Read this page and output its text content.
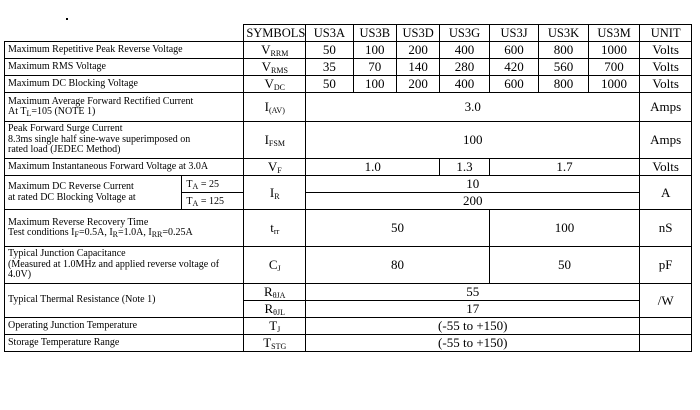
		SYMBOLS	US3A	US3B	US3D	US3G	US3J	US3K	US3M	UNIT
Maximum Repetitive Peak Reverse Voltage		$V_{RRM}$	50	100	200	400	600	800	1000	Volts
Maximum RMS Voltage		$V_{RMS}$	35	70	140	280	420	560	700	Volts
Maximum DC Blocking Voltage		$V_{DC}$	50	100	200	400	600	800	1000	Volts
Maximum Average Forward Rectified Current
At $T_L=105$ (NOTE 1)		$I_{(AV)}$	3.0							Amps
Peak Forward Surge Current
8.3ms single half sine-wave superimposed on
rated load (JEDEC Method)		$I_{FSM}$	100							Amps
Maximum Instantaneous Forward Voltage at 3.0A		$V_F$	1.0			1.3	1.7			Volts
Maximum DC Reverse Current
at rated DC Blocking Voltage at	$T_A = 25$	$I_R$	10							A
	$T_A = 125$		200							
Maximum Reverse Recovery Time
Test conditions $I_F=0.5A$, $I_R=1.0A$, $I_{RR}=0.25A$		$t_{rr}$	50				100			nS
Typical Junction Capacitance
(Measured at 1.0MHz and applied reverse voltage of 4.0V)		$C_J$	80				50			pF
Typical Thermal Resistance (Note 1)		$R_{\theta JA}$	55							/W
		$R_{\theta JL}$	17							
Operating Junction Temperature		$T_J$	(-55 to +150)							
Storage Temperature Range		$T_{STG}$	(-55 to +150)							
